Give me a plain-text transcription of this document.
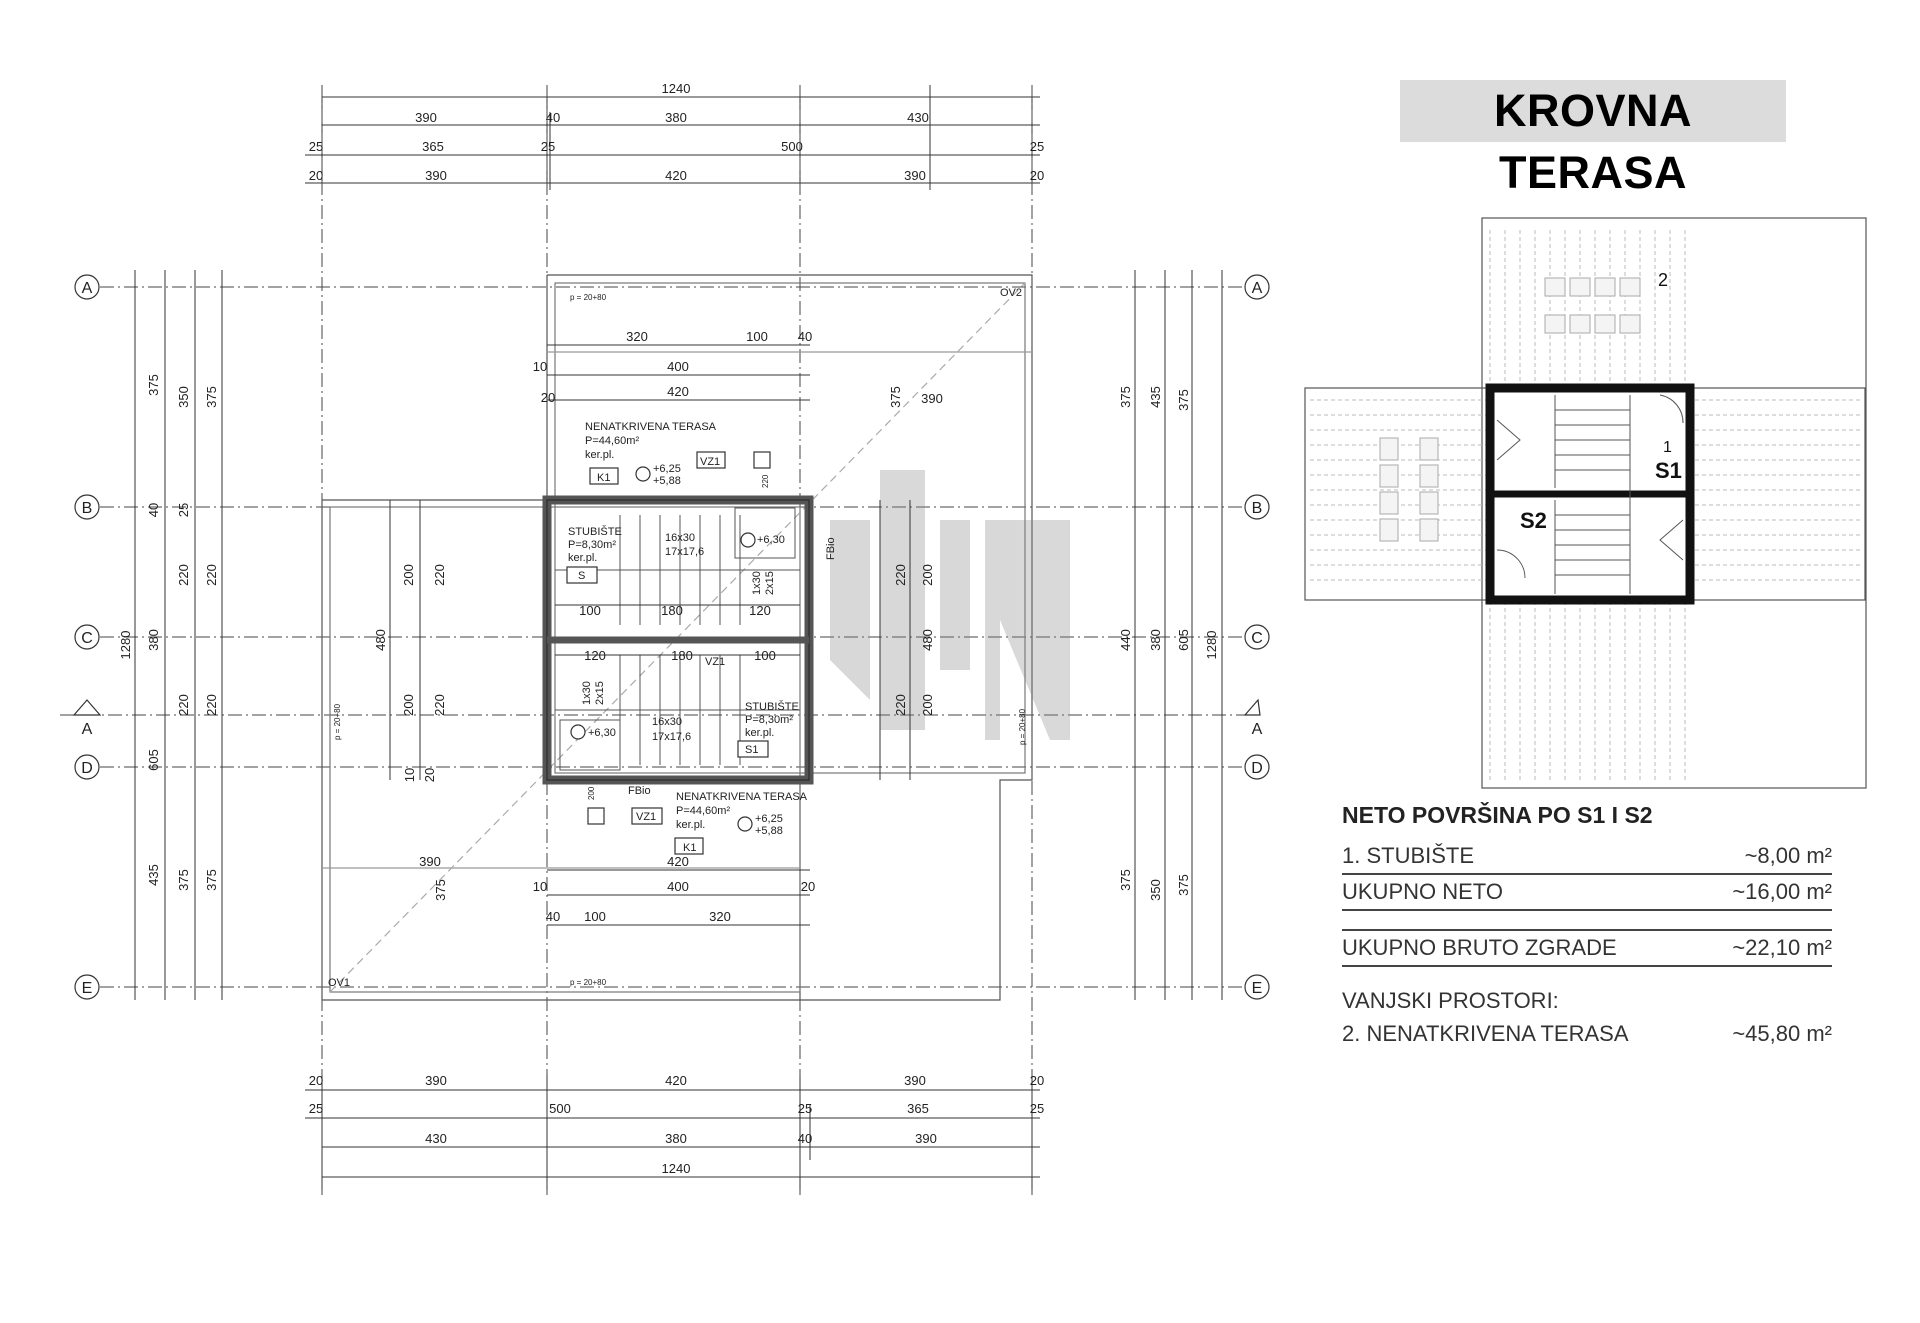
1240
390	40	380	430
25	365	25	500	25
20	390	420	390	20
A
B
C
D
E
A
B
C
D
E
A	A
1280
375
40
380
605
435
350
25
220
220
375
375
220
220
375
375
440
375
435
380
350
375
605
375
1280
320	100 40
400
420
10
20	375 390
390	420
400
10	20
40 100	320
375
100	180	120
120	180	100
200
480
200
220
220
10 20
220
480
220
200
200
NENATKRIVENA TERASA
P=44,60m²
ker.pl.
K1
+6,25
+5,88
VZ1
NENATKRIVENA TERASA
P=44,60m²
ker.pl.
K1
+6,25
+5,88
VZ1
STUBIŠTE
P=8,30m²
ker.pl.
S
16x30
17x17,6
+6,30
1x30 2x15
STUBIŠTE
P=8,30m²
ker.pl.
S1
16x30
17x17,6
+6,30
1x30 2x15
FBio
FBio
OV1
OV2
p = 20+80
p = 20+80
p = 20+80	p = 20+80
VZ1
220
200
20	390	420	390	20
25	500	25	365	25
430	380	40	390
1240
S1
1
S2
2
KROVNA TERASA
NETO POVRŠINA PO S1 I S2
1. STUBIŠTE	~8,00 m²
UKUPNO NETO	~16,00 m²
UKUPNO BRUTO ZGRADE	~22,10 m²
VANJSKI PROSTORI:
2. NENATKRIVENA TERASA	~45,80 m²
